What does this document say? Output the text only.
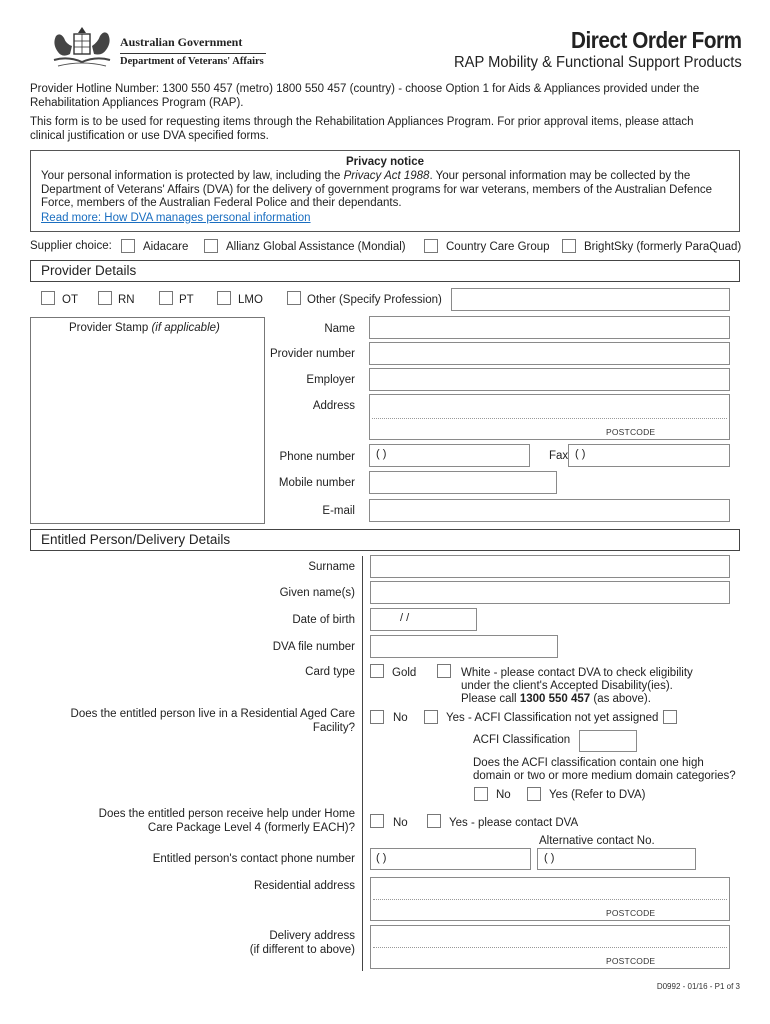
Australian Government
Department of Veterans' Affairs
Direct Order Form
RAP Mobility & Functional Support Products
Provider Hotline Number: 1300 550 457 (metro) 1800 550 457 (country) - choose Option 1 for Aids & Appliances provided under the Rehabilitation Appliances Program (RAP).
This form is to be used for requesting items through the Rehabilitation Appliances Program. For prior approval items, please attach clinical justification or use DVA specified forms.
Privacy notice
Your personal information is protected by law, including the Privacy Act 1988. Your personal information may be collected by the Department of Veterans' Affairs (DVA) for the delivery of government programs for war veterans, members of the Australian Defence Force, members of the Australian Federal Police and their dependants.
Read more: How DVA manages personal information
Supplier choice:	Aidacare	Allianz Global Assistance (Mondial)	Country Care Group	BrightSky (formerly ParaQuad)
Provider Details
OT	RN	PT	LMO	Other (Specify Profession)
Provider Stamp (if applicable)	Name
Provider number
Employer
Address
POSTCODE
Phone number ( )	Fax ( )
Mobile number
E-mail
Entitled Person/Delivery Details
Surname
Given name(s)
Date of birth	/ /
DVA file number
Card type	Gold	White - please contact DVA to check eligibility
under the client's Accepted Disability(ies).
Please call 1300 550 457 (as above).
Does the entitled person live in a Residential Aged Care
Facility?
No	Yes - ACFI Classification not yet assigned
ACFI Classification
Does the ACFI classification contain one high
domain or two or more medium domain categories?
No	Yes (Refer to DVA)
Does the entitled person receive help under Home
Care Package Level 4 (formerly EACH)?	No	Yes - please contact DVA
Alternative contact No.
Entitled person's contact phone number ( )	( )
Residential address
POSTCODE
Delivery address
(if different to above)
POSTCODE
D0992 - 01/16 - P1 of 3
